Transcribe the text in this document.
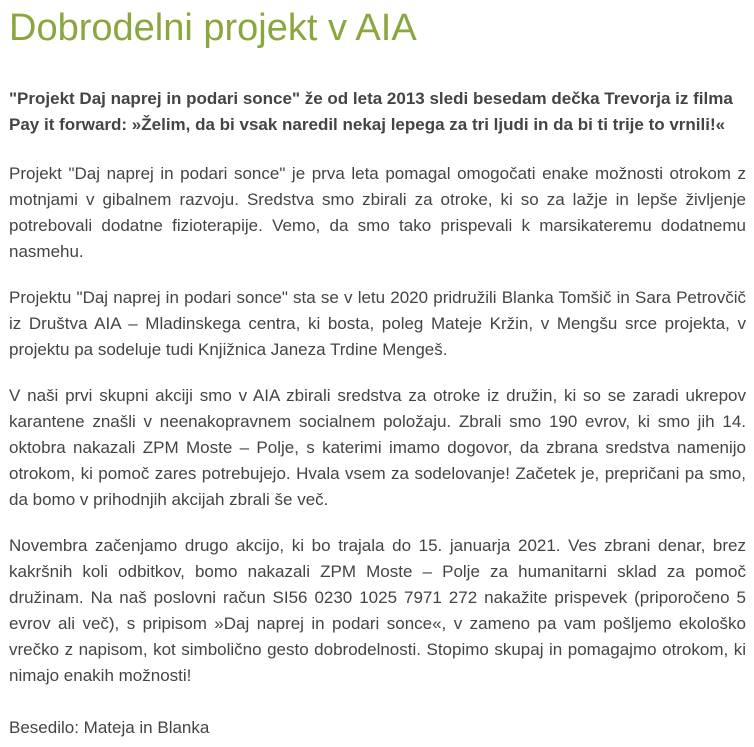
Dobrodelni projekt v AIA

"Projekt Daj naprej in podari sonce" že od leta 2013 sledi besedam dečka Trevorja iz filma Pay it forward: »Želim, da bi vsak naredil nekaj lepega za tri ljudi in da bi ti trije to vrnili!«

Projekt "Daj naprej in podari sonce" je prva leta pomagal omogočati enake možnosti otrokom z motnjami v gibalnem razvoju. Sredstva smo zbirali za otroke, ki so za lažje in lepše življenje potrebovali dodatne fizioterapije. Vemo, da smo tako prispevali k marsikateremu dodatnemu nasmehu.

Projektu "Daj naprej in podari sonce" sta se v letu 2020 pridružili Blanka Tomšič in Sara Petrovčič iz Društva AIA – Mladinskega centra, ki bosta, poleg Mateje Kržin, v Mengšu srce projekta, v projektu pa sodeluje tudi Knjižnica Janeza Trdine Mengeš.

V naši prvi skupni akciji smo v AIA zbirali sredstva za otroke iz družin, ki so se zaradi ukrepov karantene znašli v neenakopravnem socialnem položaju. Zbrali smo 190 evrov, ki smo jih 14. oktobra nakazali ZPM Moste – Polje, s katerimi imamo dogovor, da zbrana sredstva namenijo otrokom, ki pomoč zares potrebujejo. Hvala vsem za sodelovanje! Začetek je, prepričani pa smo, da bomo v prihodnjih akcijah zbrali še več.

Novembra začenjamo drugo akcijo, ki bo trajala do 15. januarja 2021. Ves zbrani denar, brez kakršnih koli odbitkov, bomo nakazali ZPM Moste – Polje za humanitarni sklad za pomoč družinam. Na naš poslovni račun SI56 0230 1025 7971 272 nakažite prispevek (priporočeno 5 evrov ali več), s pripisom »Daj naprej in podari sonce«, v zameno pa vam pošljemo ekološko vrečko z napisom, kot simbolično gesto dobrodelnosti. Stopimo skupaj in pomagajmo otrokom, ki nimajo enakih možnosti!

Besedilo: Mateja in Blanka
